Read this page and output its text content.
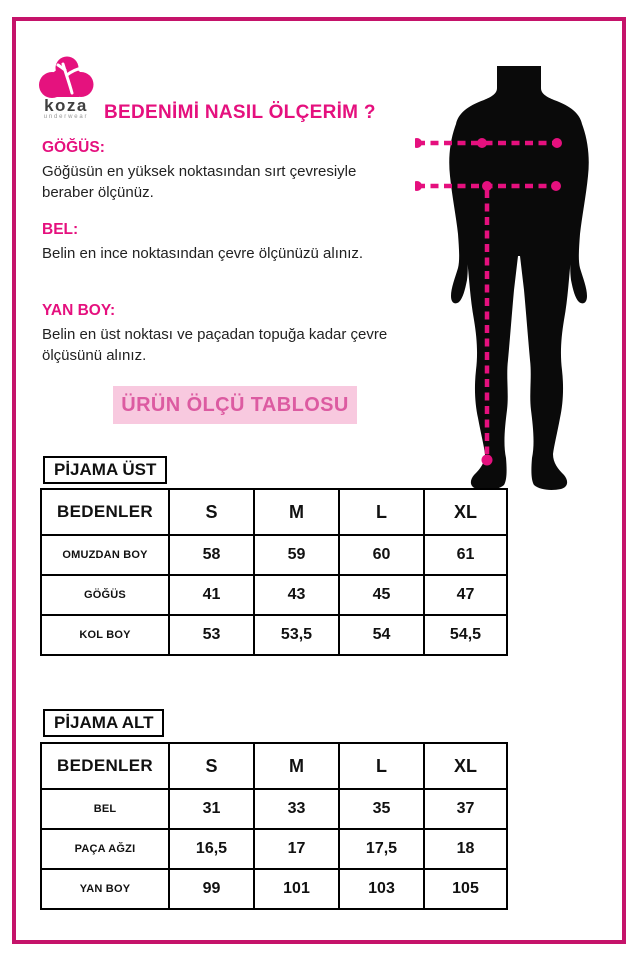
koza
underwear BEDENİMİ NASIL ÖLÇERİM ?
GÖĞÜS:
Göğüsün en yüksek noktasından sırt çevresiyle beraber ölçünüz.
BEL:
Belin en ince noktasından çevre ölçünüzü alınız.
YAN BOY:
Belin en üst noktası ve paçadan topuğa kadar çevre ölçüsünü alınız.
ÜRÜN ÖLÇÜ TABLOSU
PİJAMA ÜST
BEDENLER	S	M	L	XL
OMUZDAN BOY	58	59	60	61
GÖĞÜS	41	43	45	47
KOL BOY	53	53,5	54	54,5
PİJAMA ALT
BEDENLER	S	M	L	XL
BEL	31	33	35	37
PAÇA AĞZI	16,5	17	17,5	18
YAN BOY	99	101	103	105
